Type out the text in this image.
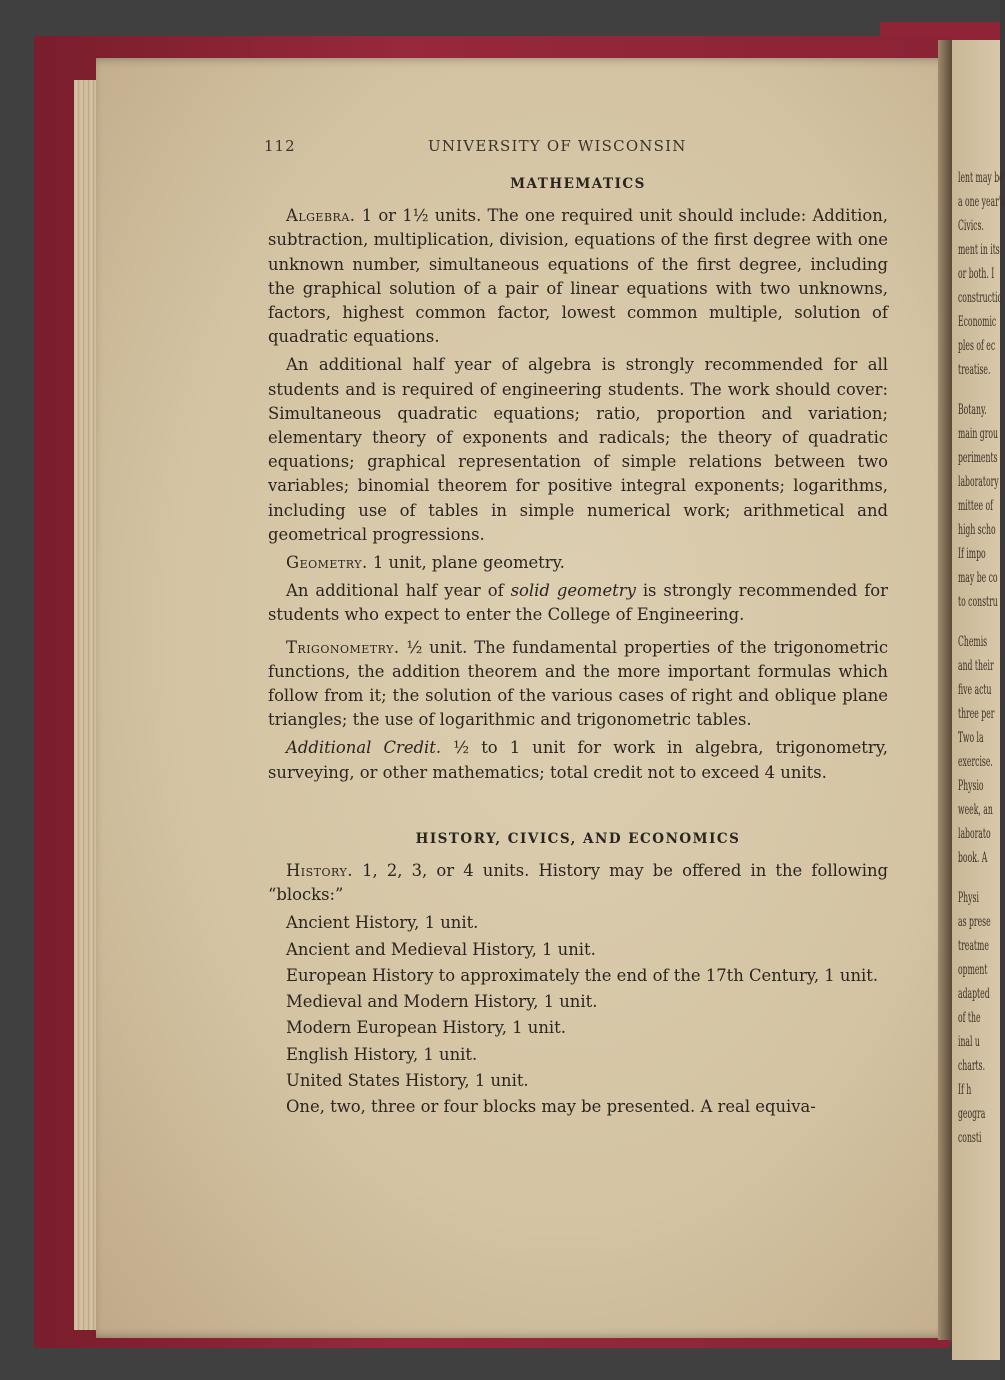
lent may be
a one year's
Civics.
ment in its
or both. I
constructio
Economic
ples of ec
treatise.
Botany.
main grou
periments
laboratory
mittee of
high scho
If impo
may be co
to constru
Chemis
and their
five actu
three per
Two la
exercise.
Physio
week, an
laborato
book. A
Physi
as prese
treatme
opment
adapted
of the
inal u
charts.
If h
geogra
consti
112	UNIVERSITY OF WISCONSIN
MATHEMATICS

Algebra. 1 or 1½ units. The one required unit should include: Addition, subtraction, multiplication, division, equations of the first degree with one unknown number, simultaneous equations of the first degree, including the graphical solution of a pair of linear equations with two unknowns, factors, highest common factor, lowest common multiple, solution of quadratic equations.

An additional half year of algebra is strongly recommended for all students and is required of engineering students. The work should cover: Simultaneous quadratic equations; ratio, proportion and variation; elementary theory of exponents and radicals; the theory of quadratic equations; graphical representation of simple relations between two variables; binomial theorem for positive integral exponents; logarithms, including use of tables in simple numerical work; arithmetical and geometrical progressions.

Geometry. 1 unit, plane geometry.

An additional half year of solid geometry is strongly recommended for students who expect to enter the College of Engineering.

Trigonometry. ½ unit. The fundamental properties of the trigonometric functions, the addition theorem and the more important formulas which follow from it; the solution of the various cases of right and oblique plane triangles; the use of logarithmic and trigonometric tables.

Additional Credit. ½ to 1 unit for work in algebra, trigonometry, surveying, or other mathematics; total credit not to exceed 4 units.

HISTORY, CIVICS, AND ECONOMICS

History. 1, 2, 3, or 4 units. History may be offered in the following “blocks:”

Ancient History, 1 unit.

Ancient and Medieval History, 1 unit.

European History to approximately the end of the 17th Century, 1 unit.

Medieval and Modern History, 1 unit.

Modern European History, 1 unit.

English History, 1 unit.

United States History, 1 unit.

One, two, three or four blocks may be presented. A real equiva-
